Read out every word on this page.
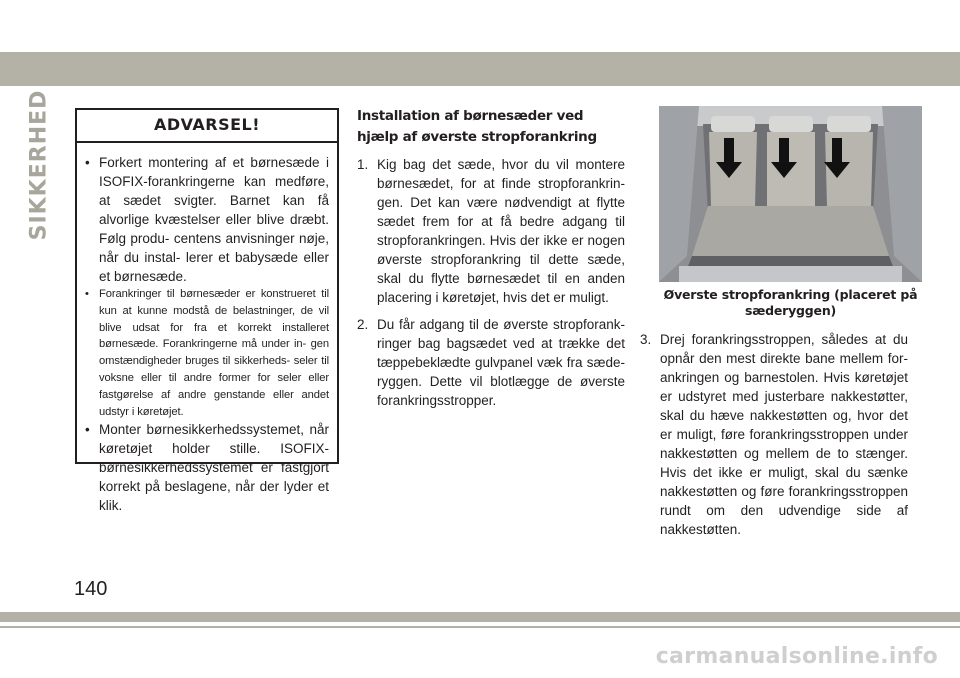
SIKKERHED	ADVARSEL!
• Forkert montering af et børnesæde i ISOFIX-forankringerne kan medføre, at sædet svigter. Barnet kan få alvorlige kvæstelser eller blive dræbt. Følg produ- centens anvisninger nøje, når du instal- lerer et babysæde eller et børnesæde.
• Forankringer til børnesæder er konstrueret til kun at kunne modstå de belastninger, de vil blive udsat for fra et korrekt installeret børnesæde. Forankringerne må under in- gen omstændigheder bruges til sikkerheds- seler til voksne eller til andre former for seler eller fastgørelse af andre genstande eller andet udstyr i køretøjet.
• Monter børnesikkerhedssystemet, når køretøjet holder stille. ISOFIX- børnesikkerhedssystemet er fastgjort korrekt på beslagene, når der lyder et klik.
Installation af børnesæder ved hjælp af øverste stropforankring
1. Kig bag det sæde, hvor du vil montere børnesædet, for at finde stropforankrin- gen. Det kan være nødvendigt at flytte sædet frem for at få bedre adgang til stropforankringen. Hvis der ikke er nogen øverste stropforankring til dette sæde, skal du flytte børnesædet til en anden placering i køretøjet, hvis det er muligt.
2. Du får adgang til de øverste stropforank- ringer bag bagsædet ved at trække det tæppebeklædte gulvpanel væk fra sæde- ryggen. Dette vil blotlægge de øverste forankringsstropper.
Øverste stropforankring (placeret på sæderyggen)
3. Drej forankringsstroppen, således at du opnår den mest direkte bane mellem for- ankringen og barnestolen. Hvis køretøjet er udstyret med justerbare nakkestøtter, skal du hæve nakkestøtten og, hvor det er muligt, føre forankringsstroppen under nakkestøtten og mellem de to stænger. Hvis det ikke er muligt, skal du sænke nakkestøtten og føre forankringsstroppen rundt om den udvendige side af nakkestøtten.
140
carmanualsonline.info
